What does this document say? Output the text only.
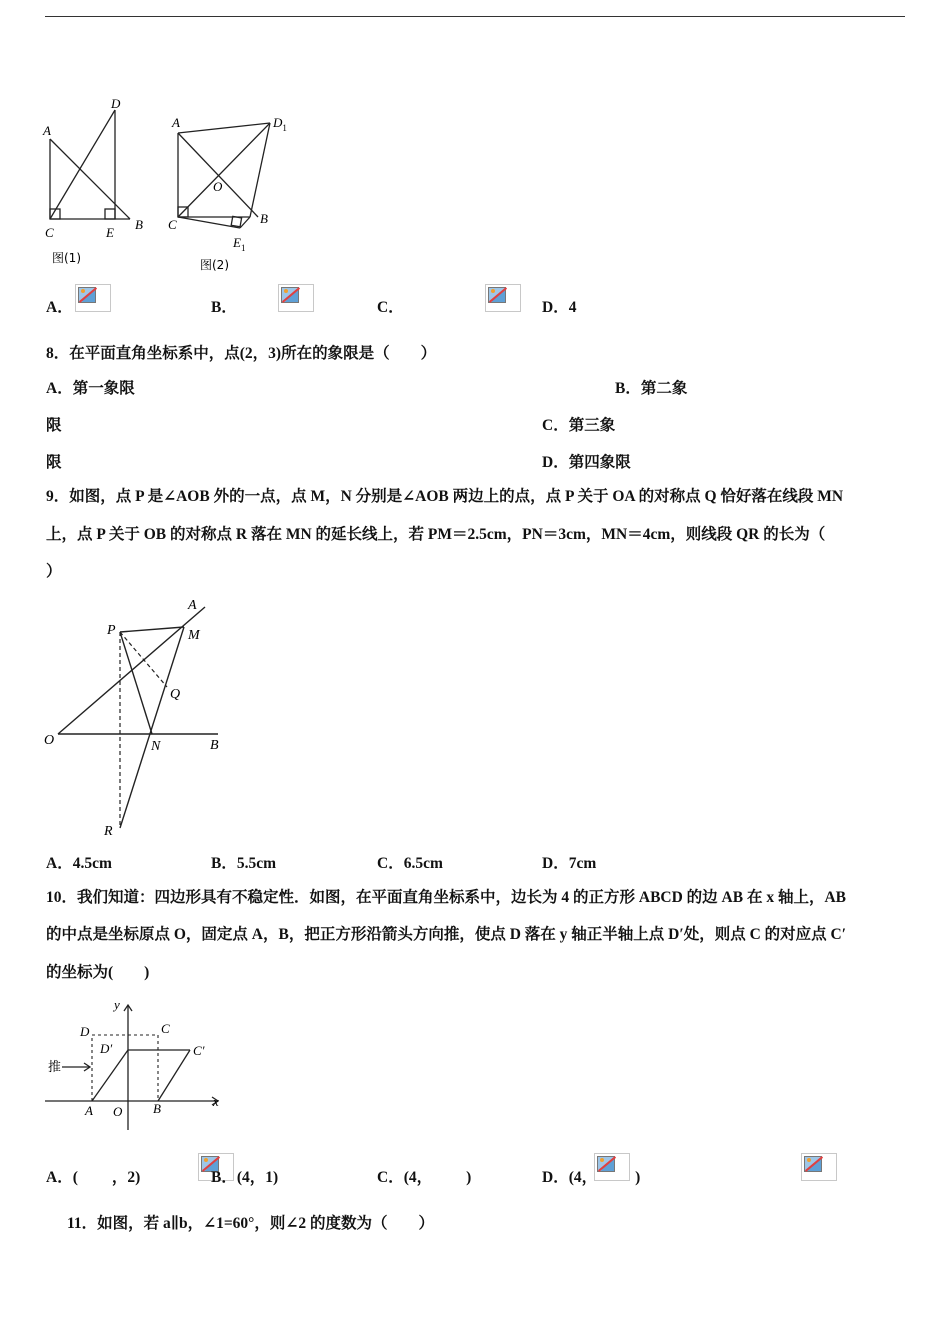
A
D
C	E
B
图(1)
A	$D_1$
O
C	B
$E_1$
图(2)
A．
	B．
	C．
	D．4
8．在平面直角坐标系中，点(2，3)所在的象限是（　　）
A．第一象限	B．第二象
限	C．第三象
限	D．第四象限
9．如图，点 P 是∠AOB 外的一点，点 M，N 分别是∠AOB 两边上的点，点 P 关于 OA 的对称点 Q 恰好落在线段 MN
上，点 P 关于 OB 的对称点 R 落在 MN 的延长线上，若 PM＝2.5cm，PN＝3cm，MN＝4cm，则线段 QR 的长为（
）
A
P	M
Q
O	N	B
R
A．4.5cm	B．5.5cm	C．6.5cm	D．7cm
10．我们知道：四边形具有不稳定性．如图，在平面直角坐标系中，边长为 4 的正方形 ABCD 的边 AB 在 x 轴上，AB
的中点是坐标原点 O，固定点 A，B，把正方形沿箭头方向推，使点 D 落在 y 轴正半轴上点 D′处，则点 C 的对应点 C′
的坐标为(　　)
y
D	C
D′	C′
推
A O B	x
A．( ，2)
	B．(4，1)	C．(4， )
	D．(4， )
11．如图，若 a∥b，∠1=60°，则∠2 的度数为（　　）
